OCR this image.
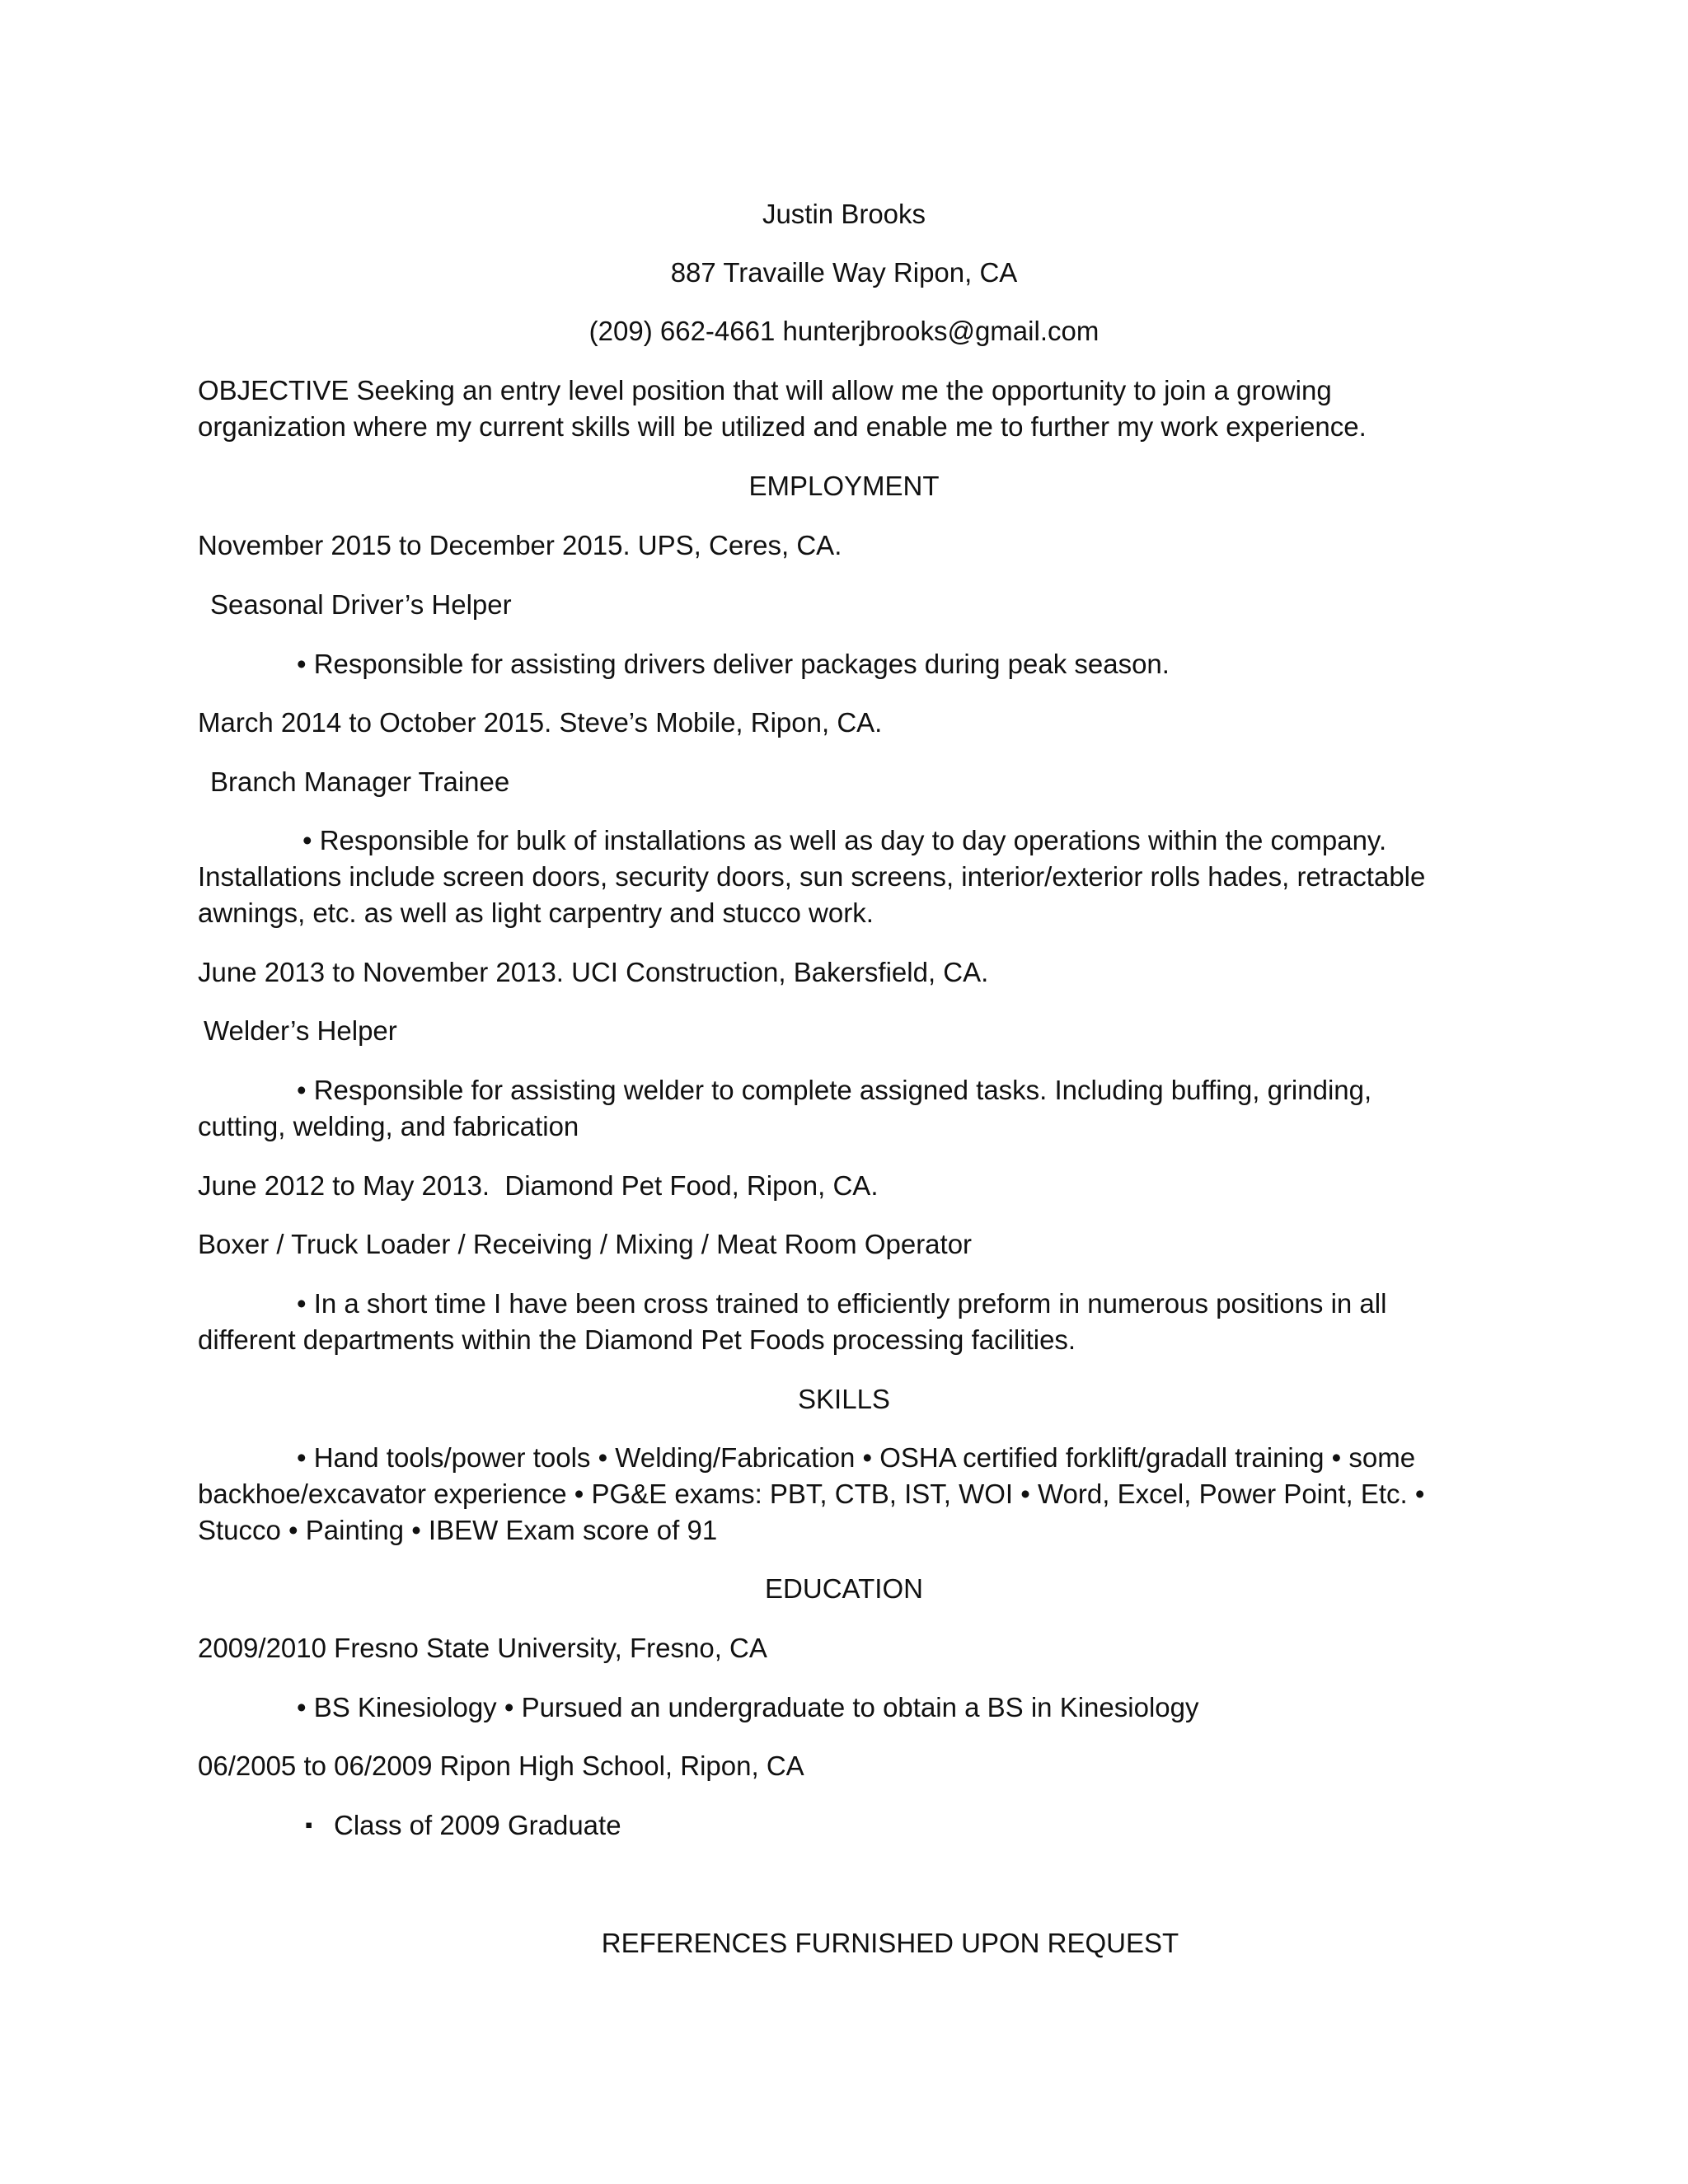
Justin Brooks
887 Travaille Way Ripon, CA
(209) 662-4661 hunterjbrooks@gmail.com
OBJECTIVE Seeking an entry level position that will allow me the opportunity to join a growing
organization where my current skills will be utilized and enable me to further my work experience.
EMPLOYMENT
November 2015 to December 2015. UPS, Ceres, CA.
Seasonal Driver’s Helper
• Responsible for assisting drivers deliver packages during peak season.
March 2014 to October 2015. Steve’s Mobile, Ripon, CA.
Branch Manager Trainee
• Responsible for bulk of installations as well as day to day operations within the company.
Installations include screen doors, security doors, sun screens, interior/exterior rolls hades, retractable
awnings, etc. as well as light carpentry and stucco work.
June 2013 to November 2013. UCI Construction, Bakersfield, CA.
Welder’s Helper
• Responsible for assisting welder to complete assigned tasks. Including buffing, grinding,
cutting, welding, and fabrication
June 2012 to May 2013.  Diamond Pet Food, Ripon, CA.
Boxer / Truck Loader / Receiving / Mixing / Meat Room Operator
• In a short time I have been cross trained to efficiently preform in numerous positions in all
different departments within the Diamond Pet Foods processing facilities.
SKILLS
• Hand tools/power tools • Welding/Fabrication • OSHA certified forklift/gradall training • some
backhoe/excavator experience • PG&E exams: PBT, CTB, IST, WOI • Word, Excel, Power Point, Etc. •
Stucco • Painting • IBEW Exam score of 91
EDUCATION
2009/2010 Fresno State University, Fresno, CA
• BS Kinesiology • Pursued an undergraduate to obtain a BS in Kinesiology
06/2005 to 06/2009 Ripon High School, Ripon, CA
▪ Class of 2009 Graduate
REFERENCES FURNISHED UPON REQUEST
